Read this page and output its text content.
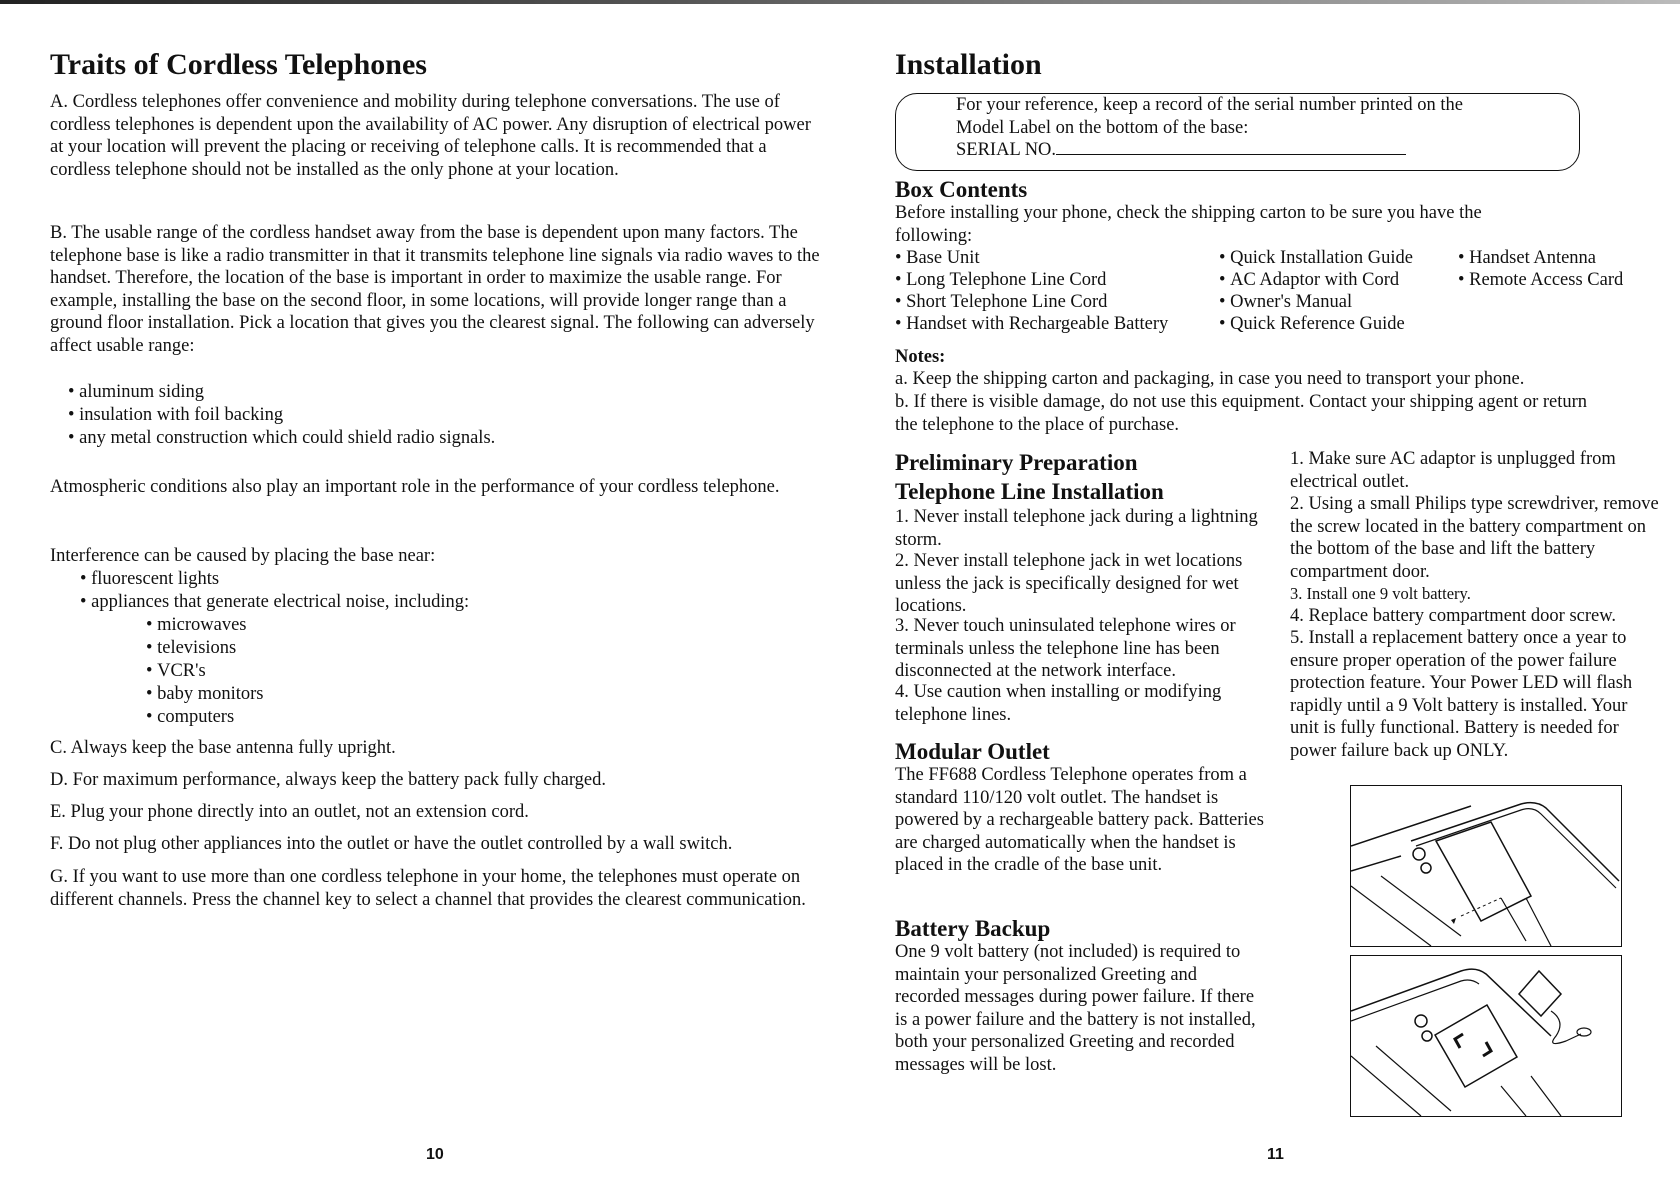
Traits of Cordless Telephones

A. Cordless telephones offer convenience and mobility during telephone conversations. The use of cordless telephones is dependent upon the availability of AC power. Any disruption of electrical power at your location will prevent the placing or receiving of telephone calls. It is recommended that a cordless telephone should not be installed as the only phone at your location.

B. The usable range of the cordless handset away from the base is dependent upon many factors. The telephone base is like a radio transmitter in that it transmits telephone line signals via radio waves to the handset. Therefore, the location of the base is important in order to maximize the usable range. For example, installing the base on the second floor, in some locations, will provide longer range than a ground floor installation. Pick a location that gives you the clearest signal. The following can adversely affect usable range:

• aluminum siding
• insulation with foil backing
• any metal construction which could shield radio signals.

Atmospheric conditions also play an important role in the performance of your cordless telephone.

Interference can be caused by placing the base near:

• fluorescent lights
• appliances that generate electrical noise, including:
• microwaves
• televisions
• VCR's
• baby monitors
• computers

C. Always keep the base antenna fully upright.

D. For maximum performance, always keep the battery pack fully charged.

E. Plug your phone directly into an outlet, not an extension cord.

F. Do not plug other appliances into the outlet or have the outlet controlled by a wall switch.

G. If you want to use more than one cordless telephone in your home, the telephones must operate on different channels. Press the channel key to select a channel that provides the clearest communication.

10
Installation
For your reference, keep a record of the serial number printed on the
Model Label on the bottom of the base:
SERIAL NO.
Box Contents

Before installing your phone, check the shipping carton to be sure you have the following:

• Base Unit
• Long Telephone Line Cord
• Short Telephone Line Cord
• Handset with Rechargeable Battery
• Quick Installation Guide
• AC Adaptor with Cord
• Owner's Manual
• Quick Reference Guide
• Handset Antenna
• Remote Access Card
Notes:

a. Keep the shipping carton and packaging, in case you need to transport your phone.

b. If there is visible damage, do not use this equipment. Contact your shipping agent or return the telephone to the place of purchase.

Preliminary Preparation
Telephone Line Installation

1. Never install telephone jack during a lightning storm.

2. Never install telephone jack in wet locations unless the jack is specifically designed for wet locations.

3. Never touch uninsulated telephone wires or terminals unless the telephone line has been disconnected at the network interface.

4. Use caution when installing or modifying telephone lines.

Modular Outlet

The FF688 Cordless Telephone operates from a standard 110/120 volt outlet. The handset is powered by a rechargeable battery pack. Batteries are charged automatically when the handset is placed in the cradle of the base unit.

Battery Backup

One 9 volt battery (not included) is required to maintain your personalized Greeting and recorded messages during power failure. If there is a power failure and the battery is not installed, both your personalized Greeting and recorded messages will be lost.

1. Make sure AC adaptor is unplugged from electrical outlet.

2. Using a small Philips type screwdriver, remove the screw located in the battery compartment on the bottom of the base and lift the battery compartment door.

3. Install one 9 volt battery.

4. Replace battery compartment door screw.

5. Install a replacement battery once a year to ensure proper operation of the power failure protection feature. Your Power LED will flash rapidly until a 9 Volt battery is installed. Your unit is fully functional. Battery is needed for power failure back up ONLY.

11
